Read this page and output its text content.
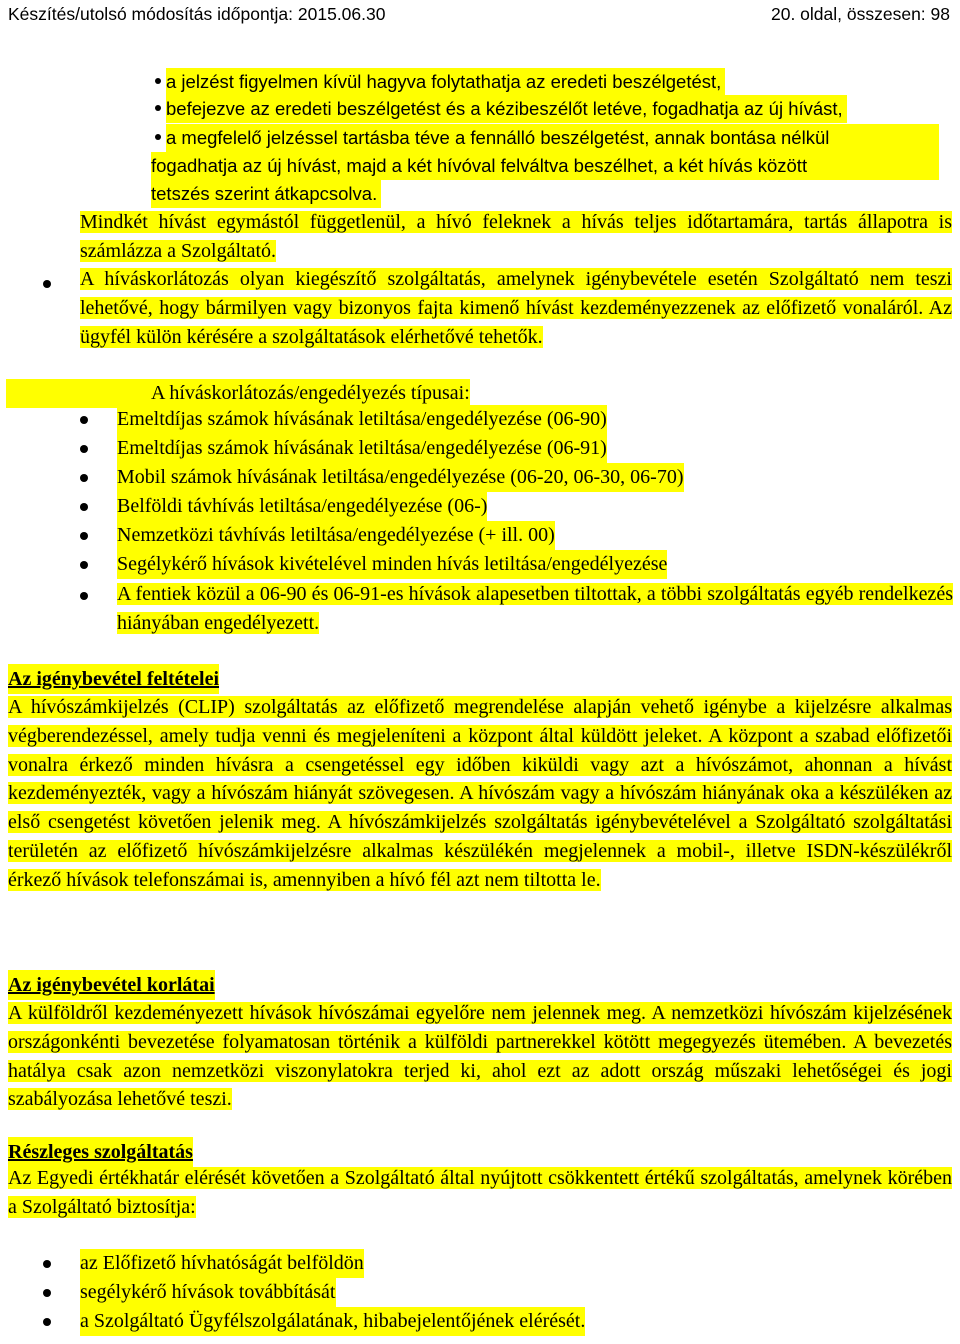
Készítés/utolsó módosítás időpontja: 2015.06.30	20. oldal, összesen: 98
a jelzést figyelmen kívül hagyva folytathatja az eredeti beszélgetést,
befejezve az eredeti beszélgetést és a kézibeszélőt letéve, fogadhatja az új hívást,
a megfelelő jelzéssel tartásba téve a fennálló beszélgetést, annak bontása nélkül
fogadhatja az új hívást, majd a két hívóval felváltva beszélhet, a két hívás között
tetszés szerint átkapcsolva.
Mindkét hívást egymástól függetlenül, a hívó feleknek a hívás teljes időtartamára, tartás állapotra is számlázza a Szolgáltató.
A híváskorlátozás olyan kiegészítő szolgáltatás, amelynek igénybevétele esetén Szolgáltató nem teszi lehetővé, hogy bármilyen vagy bizonyos fajta kimenő hívást kezdeményezzenek az előfizető vonaláról. Az ügyfél külön kérésére a szolgáltatások elérhetővé tehetők.
A híváskorlátozás/engedélyezés típusai:
Emeltdíjas számok hívásának letiltása/engedélyezése (06-90)
Emeltdíjas számok hívásának letiltása/engedélyezése (06-91)
Mobil számok hívásának letiltása/engedélyezése (06-20, 06-30, 06-70)
Belföldi távhívás letiltása/engedélyezése (06-)
Nemzetközi távhívás letiltása/engedélyezése (+ ill. 00)
Segélykérő hívások kivételével minden hívás letiltása/engedélyezése
A fentiek közül a 06-90 és 06-91-es hívások alapesetben tiltottak, a többi szolgáltatás egyéb rendelkezés hiányában engedélyezett.
Az igénybevétel feltételei
A hívószámkijelzés (CLIP) szolgáltatás az előfizető megrendelése alapján vehető igénybe a kijelzésre alkalmas végberendezéssel, amely tudja venni és megjeleníteni a központ által küldött jeleket. A központ a szabad előfizetői vonalra érkező minden hívásra a csengetéssel egy időben kiküldi vagy azt a hívószámot, ahonnan a hívást kezdeményezték, vagy a hívószám hiányát szövegesen. A hívószám vagy a hívószám hiányának oka a készüléken az első csengetést követően jelenik meg. A hívószámkijelzés szolgáltatás igénybevételével a Szolgáltató szolgáltatási területén az előfizető hívószámkijelzésre alkalmas készülékén megjelennek a mobil-, illetve ISDN-készülékről érkező hívások telefonszámai is, amennyiben a hívó fél azt nem tiltotta le.
Az igénybevétel korlátai
A külföldről kezdeményezett hívások hívószámai egyelőre nem jelennek meg. A nemzetközi hívószám kijelzésének országonkénti bevezetése folyamatosan történik a külföldi partnerekkel kötött megegyezés ütemében. A bevezetés hatálya csak azon nemzetközi viszonylatokra terjed ki, ahol ezt az adott ország műszaki lehetőségei és jogi szabályozása lehetővé teszi.
Részleges szolgáltatás
Az Egyedi értékhatár elérését követően a Szolgáltató által nyújtott csökkentett értékű szolgáltatás, amelynek körében a Szolgáltató biztosítja:
az Előfizető hívhatóságát belföldön
segélykérő hívások továbbítását
a Szolgáltató Ügyfélszolgálatának, hibabejelentőjének elérését.
